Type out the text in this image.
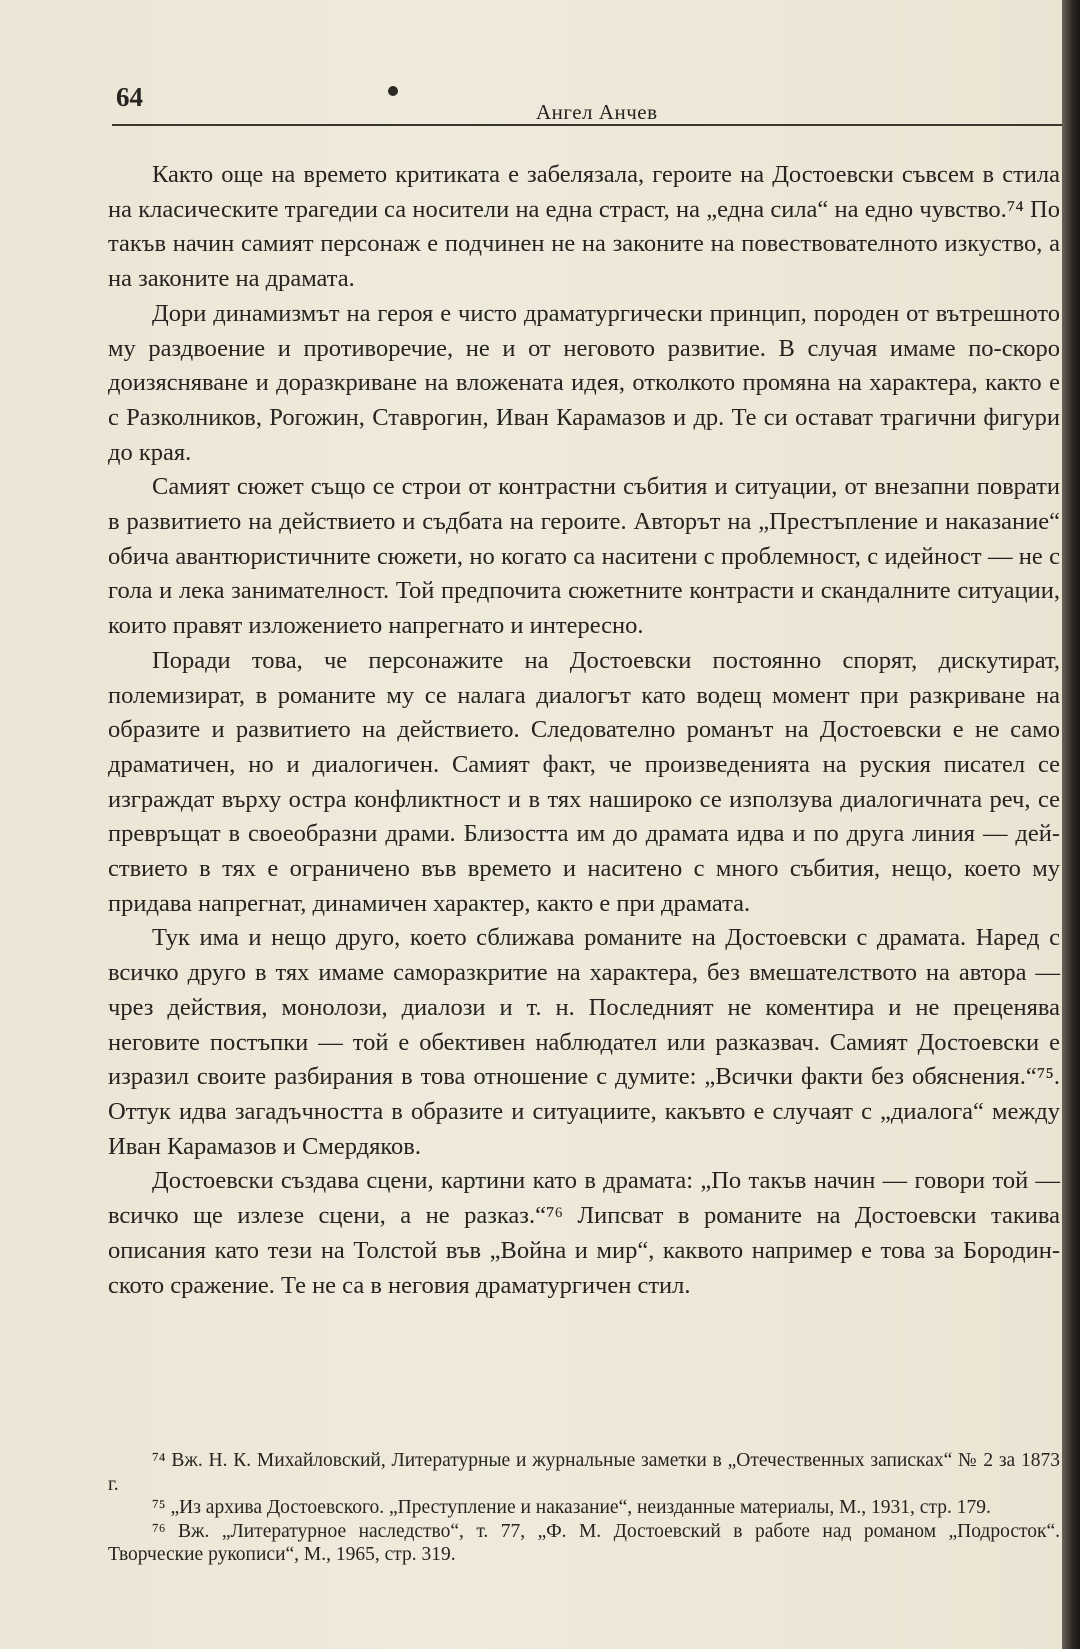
64	Ангел Анчев

Както още на времето критиката е забелязала, героите на Достоевски съвсем в стила на класическите трагедии са носители на една страст, на „една сила“ на едно чувство.⁷⁴ По такъв начин самият персонаж е подчинен не на законите на повествователното изкуство, а на законите на драмата.

Дори динамизмът на героя е чисто драматургически принцип, породен от вътрешното му раздвоение и противоречие, не и от неговото развитие. В случая имаме по-скоро доизясняване и доразкриване на вложената идея, отколкото промяна на характера, както е с Разколников, Рогожин, Ставрогин, Иван Карамазов и др. Те си остават трагични фигури до края.

Самият сюжет също се строи от контрастни събития и ситуации, от внезапни поврати в развитието на действието и съдбата на героите. Авторът на „Престъпление и наказание“ обича авантюристичните сюжети, но когато са наситени с проблемност, с идейност — не с гола и лека занимателност. Той предпочита сюжетните контрасти и скандалните ситуации, които правят изложението напрегнато и интересно.

Поради това, че персонажите на Достоевски постоянно спорят, дискутират, полемизират, в романите му се налага диалогът като водещ момент при разкриване на образите и развитието на действието. Следователно романът на Достоевски е не само драматичен, но и диалогичен. Самият факт, че произведенията на руския писател се изграждат върху остра конфликтност и в тях нашиpoко се използува диалогичната реч, се превръщат в своеобразни драми. Близостта им до драмата идва и по друга линия — действието в тях е ограничено във времето и наситено с много събития, нещо, което му придава напрегнат, динамичен характер, както е при драмата.

Тук има и нещо друго, което сближава романите на Достоевски с драмата. Наред с всичко друго в тях имаме саморазкритие на характера, без вмешателството на автора — чрез действия, монолози, диалози и т. н. Последният не коментира и не преценява неговите постъпки — той е обективен наблюдател или разказвач. Самият Достоевски е изразил своите разбирания в това отношение с думите: „Всички факти без обяснения.“⁷⁵. Оттук идва загадъчността в образите и ситуациите, какъвто е случаят с „диалога“ между Иван Карамазов и Смердяков.

Достоевски създава сцени, картини като в драмата: „По такъв начин — говори той — всичко ще излезе сцени, а не разказ.“⁷⁶ Липсват в романите на Достоевски такива описания като тези на Толстой във „Война и мир“, каквото например е това за Бородинското сражение. Те не са в неговия драматургичен стил.

⁷⁴ Вж. Н. К. Михайловский, Литературные и журнальные заметки в „Отечественных записках“ № 2 за 1873 г.

⁷⁵ „Из архива Достоевского. „Преступление и наказание“, неизданные материалы, М., 1931, стр. 179.

⁷⁶ Вж. „Литературное наследство“, т. 77, „Ф. М. Достоевский в работе над романом „Подросток“. Творческие рукописи“, М., 1965, стр. 319.
